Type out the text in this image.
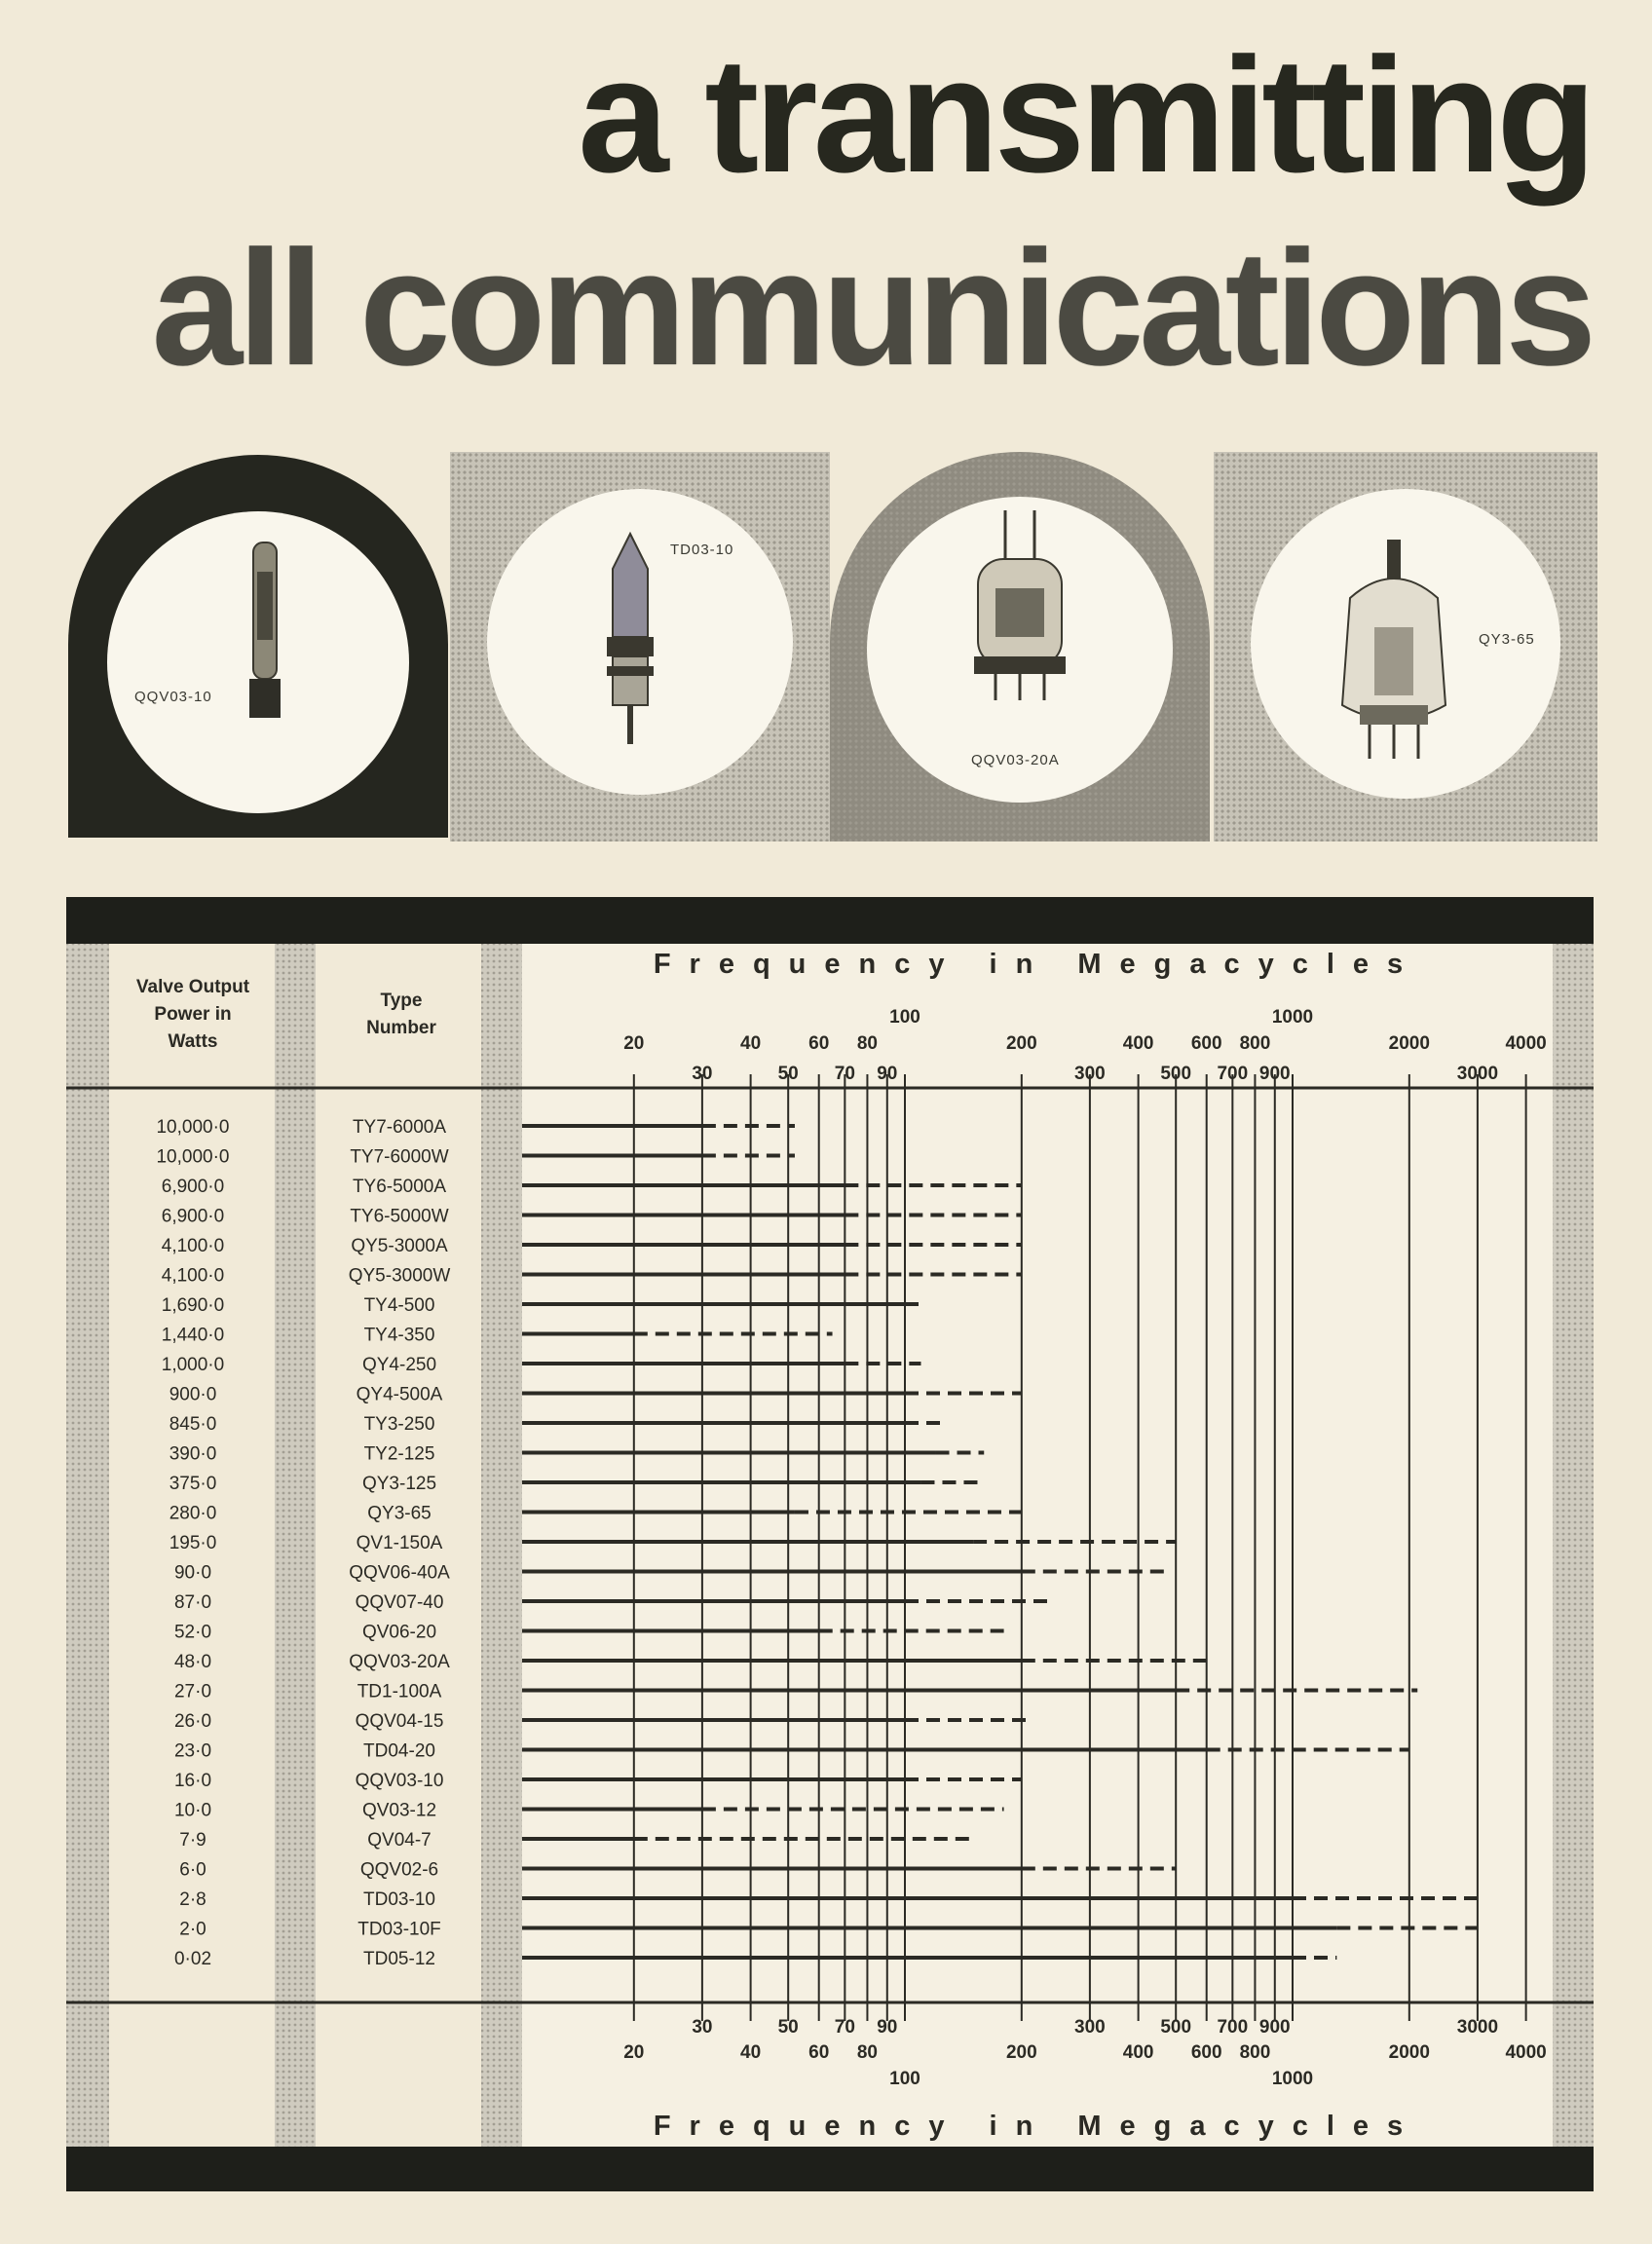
a transmitting
all communications
QQV03-10
TD03-10
QQV03-20A
QY3-65
Valve Output
Power in
Watts
Type
Number
Frequency in Megacycles
Frequency in Megacycles
20
20
30
30
40
40
50
50
60
60
70
70
80
80
90
90
100
100
200
200
300
300
400
400
500
500
600
600
700
700
800
800
900
900
1000
1000
2000
2000
3000
3000
4000
4000
10,000·0	TY7-6000A
10,000·0	TY7-6000W
6,900·0	TY6-5000A
6,900·0	TY6-5000W
4,100·0	QY5-3000A
4,100·0	QY5-3000W
1,690·0	TY4-500
1,440·0	TY4-350
1,000·0	QY4-250
900·0	QY4-500A
845·0	TY3-250
390·0	TY2-125
375·0	QY3-125
280·0	QY3-65
195·0	QV1-150A
90·0	QQV06-40A
87·0	QQV07-40
52·0	QV06-20
48·0	QQV03-20A
27·0	TD1-100A
26·0	QQV04-15
23·0	TD04-20
16·0	QQV03-10
10·0	QV03-12
7·9	QV04-7
6·0	QQV02-6
2·8	TD03-10
2·0	TD03-10F
0·02	TD05-12
